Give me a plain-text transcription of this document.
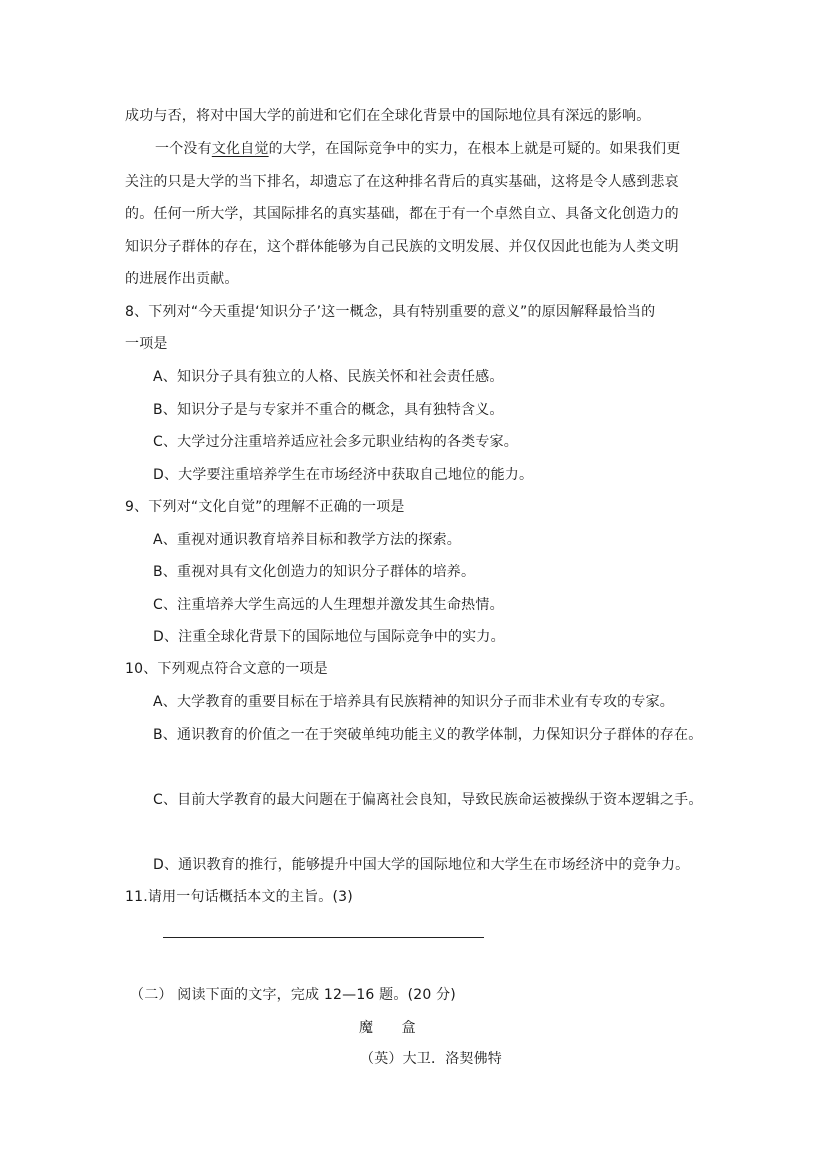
成功与否，将对中国大学的前进和它们在全球化背景中的国际地位具有深远的影响。
一个没有文化自觉的大学，在国际竞争中的实力，在根本上就是可疑的。如果我们更
关注的只是大学的当下排名，却遗忘了在这种排名背后的真实基础，这将是令人感到悲哀
的。任何一所大学，其国际排名的真实基础，都在于有一个卓然自立、具备文化创造力的
知识分子群体的存在，这个群体能够为自己民族的文明发展、并仅仅因此也能为人类文明
的进展作出贡献。
8、下列对“今天重提‘知识分子’这一概念，具有特别重要的意义”的原因解释最恰当的
一项是
A、知识分子具有独立的人格、民族关怀和社会责任感。
B、知识分子是与专家并不重合的概念，具有独特含义。
C、大学过分注重培养适应社会多元职业结构的各类专家。
D、大学要注重培养学生在市场经济中获取自己地位的能力。
9、下列对“文化自觉”的理解不正确的一项是
A、重视对通识教育培养目标和教学方法的探索。
B、重视对具有文化创造力的知识分子群体的培养。
C、注重培养大学生高远的人生理想并激发其生命热情。
D、注重全球化背景下的国际地位与国际竞争中的实力。
10、下列观点符合文意的一项是
A、大学教育的重要目标在于培养具有民族精神的知识分子而非术业有专攻的专家。
B、通识教育的价值之一在于突破单纯功能主义的教学体制，力保知识分子群体的存在。
C、目前大学教育的最大问题在于偏离社会良知，导致民族命运被操纵于资本逻辑之手。
D、通识教育的推行，能够提升中国大学的国际地位和大学生在市场经济中的竞争力。
11.请用一句话概括本文的主旨。(3)
（二） 阅读下面的文字，完成 12—16 题。(20 分)
魔　　盒
（英）大卫．洛契佛特
